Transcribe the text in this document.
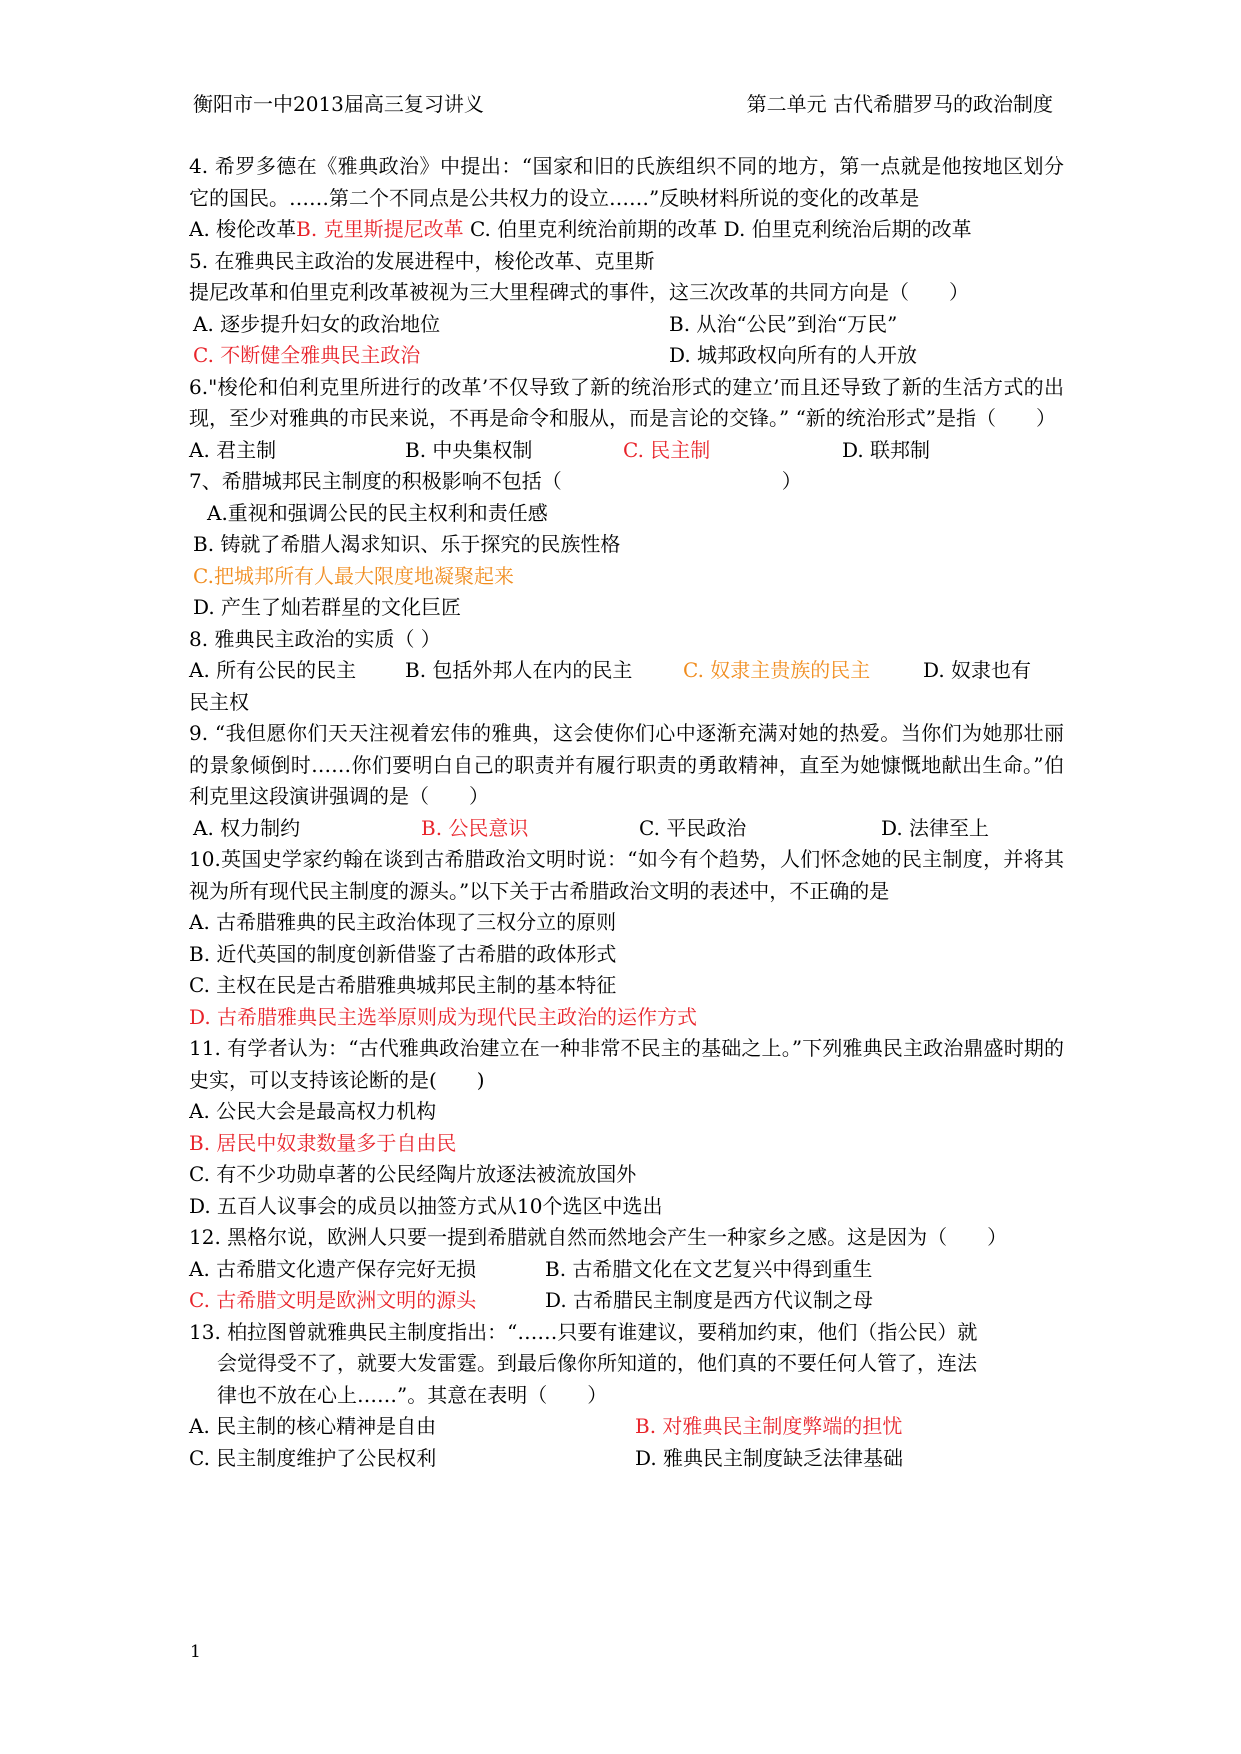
衡阳市一中2013届高三复习讲义	第二单元 古代希腊罗马的政治制度
4. 希罗多德在《雅典政治》中提出：“国家和旧的氏族组织不同的地方，第一点就是他按地区划分它的国民。……第二个不同点是公共权力的设立……”反映材料所说的变化的改革是
A. 梭伦改革B. 克里斯提尼改革 C. 伯里克利统治前期的改革 D. 伯里克利统治后期的改革
5. 在雅典民主政治的发展进程中，梭伦改革、克里斯
提尼改革和伯里克利改革被视为三大里程碑式的事件，这三次改革的共同方向是（　　）
A. 逐步提升妇女的政治地位	B. 从治“公民”到治“万民”
C. 不断健全雅典民主政治	D. 城邦政权向所有的人开放
6."梭伦和伯利克里所进行的改革’不仅导致了新的统治形式的建立’而且还导致了新的生活方式的出现，至少对雅典的市民来说，不再是命令和服从，而是言论的交锋。” “新的统治形式”是指（　　）
A. 君主制	B. 中央集权制	C. 民主制	D. 联邦制
7、希腊城邦民主制度的积极影响不包括（　　　　　　　　　　　）
A.重视和强调公民的民主权利和责任感
B. 铸就了希腊人渴求知识、乐于探究的民族性格
C.把城邦所有人最大限度地凝聚起来
D. 产生了灿若群星的文化巨匠
8. 雅典民主政治的实质（ ）
A. 所有公民的民主	B. 包括外邦人在内的民主	C. 奴隶主贵族的民主	D. 奴隶也有
民主权
9. “我但愿你们天天注视着宏伟的雅典，这会使你们心中逐渐充满对她的热爱。当你们为她那壮丽的景象倾倒时……你们要明白自己的职责并有履行职责的勇敢精神，直至为她慷慨地献出生命。”伯利克里这段演讲强调的是（　　）
A. 权力制约	B. 公民意识	C. 平民政治	D. 法律至上
10.英国史学家约翰在谈到古希腊政治文明时说：“如今有个趋势，人们怀念她的民主制度，并将其视为所有现代民主制度的源头。”以下关于古希腊政治文明的表述中，不正确的是
A. 古希腊雅典的民主政治体现了三权分立的原则
B. 近代英国的制度创新借鉴了古希腊的政体形式
C. 主权在民是古希腊雅典城邦民主制的基本特征
D. 古希腊雅典民主选举原则成为现代民主政治的运作方式
11. 有学者认为：“古代雅典政治建立在一种非常不民主的基础之上。”下列雅典民主政治鼎盛时期的史实，可以支持该论断的是(　　)
A. 公民大会是最高权力机构
B. 居民中奴隶数量多于自由民
C. 有不少功勋卓著的公民经陶片放逐法被流放国外
D. 五百人议事会的成员以抽签方式从10个选区中选出
12. 黑格尔说，欧洲人只要一提到希腊就自然而然地会产生一种家乡之感。这是因为（　　）
A. 古希腊文化遗产保存完好无损	B. 古希腊文化在文艺复兴中得到重生
C. 古希腊文明是欧洲文明的源头	D. 古希腊民主制度是西方代议制之母
13. 柏拉图曾就雅典民主制度指出：“……只要有谁建议，要稍加约束，他们（指公民）就
会觉得受不了，就要大发雷霆。到最后像你所知道的，他们真的不要任何人管了，连法
律也不放在心上……”。其意在表明（　　）
A. 民主制的核心精神是自由	B. 对雅典民主制度弊端的担忧
C. 民主制度维护了公民权利	D. 雅典民主制度缺乏法律基础
1
